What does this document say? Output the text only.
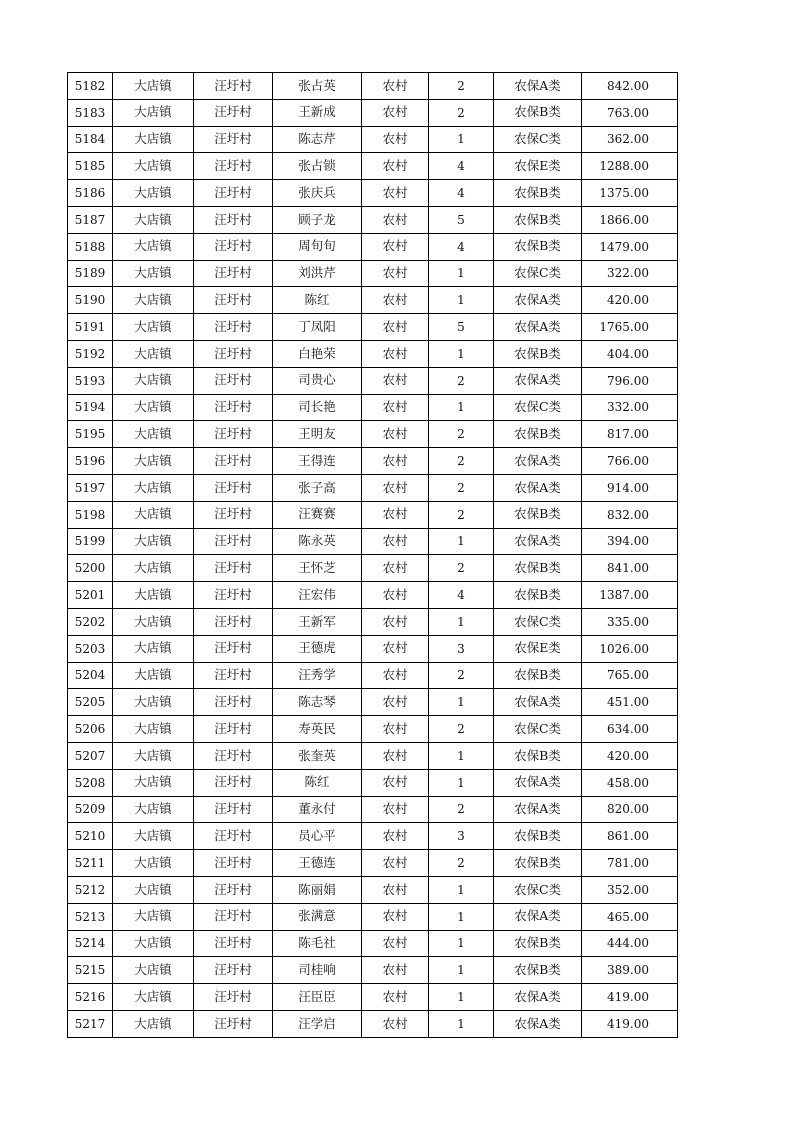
5182	大店镇	汪圩村	张占英	农村	2	农保A类	842.00
5183	大店镇	汪圩村	王新成	农村	2	农保B类	763.00
5184	大店镇	汪圩村	陈志芹	农村	1	农保C类	362.00
5185	大店镇	汪圩村	张占锁	农村	4	农保E类	1288.00
5186	大店镇	汪圩村	张庆兵	农村	4	农保B类	1375.00
5187	大店镇	汪圩村	顾子龙	农村	5	农保B类	1866.00
5188	大店镇	汪圩村	周旬旬	农村	4	农保B类	1479.00
5189	大店镇	汪圩村	刘洪芹	农村	1	农保C类	322.00
5190	大店镇	汪圩村	陈红	农村	1	农保A类	420.00
5191	大店镇	汪圩村	丁凤阳	农村	5	农保A类	1765.00
5192	大店镇	汪圩村	白艳荣	农村	1	农保B类	404.00
5193	大店镇	汪圩村	司贵心	农村	2	农保A类	796.00
5194	大店镇	汪圩村	司长艳	农村	1	农保C类	332.00
5195	大店镇	汪圩村	王明友	农村	2	农保B类	817.00
5196	大店镇	汪圩村	王得连	农村	2	农保A类	766.00
5197	大店镇	汪圩村	张子高	农村	2	农保A类	914.00
5198	大店镇	汪圩村	汪赛赛	农村	2	农保B类	832.00
5199	大店镇	汪圩村	陈永英	农村	1	农保A类	394.00
5200	大店镇	汪圩村	王怀芝	农村	2	农保B类	841.00
5201	大店镇	汪圩村	汪宏伟	农村	4	农保B类	1387.00
5202	大店镇	汪圩村	王新军	农村	1	农保C类	335.00
5203	大店镇	汪圩村	王德虎	农村	3	农保E类	1026.00
5204	大店镇	汪圩村	汪秀学	农村	2	农保B类	765.00
5205	大店镇	汪圩村	陈志琴	农村	1	农保A类	451.00
5206	大店镇	汪圩村	寿英民	农村	2	农保C类	634.00
5207	大店镇	汪圩村	张奎英	农村	1	农保B类	420.00
5208	大店镇	汪圩村	陈红	农村	1	农保A类	458.00
5209	大店镇	汪圩村	董永付	农村	2	农保A类	820.00
5210	大店镇	汪圩村	员心平	农村	3	农保B类	861.00
5211	大店镇	汪圩村	王德连	农村	2	农保B类	781.00
5212	大店镇	汪圩村	陈丽娟	农村	1	农保C类	352.00
5213	大店镇	汪圩村	张满意	农村	1	农保A类	465.00
5214	大店镇	汪圩村	陈毛社	农村	1	农保B类	444.00
5215	大店镇	汪圩村	司桂响	农村	1	农保B类	389.00
5216	大店镇	汪圩村	汪臣臣	农村	1	农保A类	419.00
5217	大店镇	汪圩村	汪学启	农村	1	农保A类	419.00
